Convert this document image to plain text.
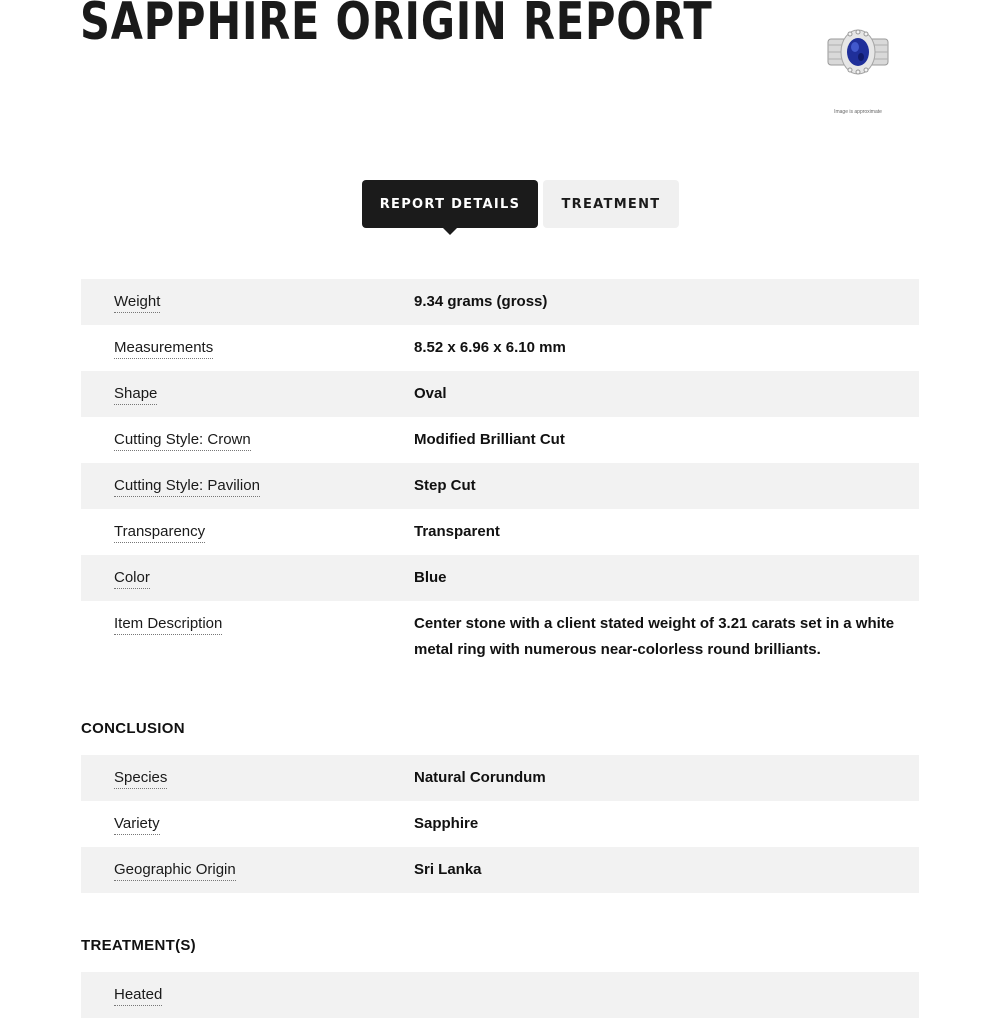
SAPPHIRE ORIGIN REPORT
Image is approximate
REPORT DETAILS	TREATMENT
Weight	9.34 grams (gross)
Measurements	8.52 x 6.96 x 6.10 mm
Shape	Oval
Cutting Style: Crown	Modified Brilliant Cut
Cutting Style: Pavilion	Step Cut
Transparency	Transparent
Color	Blue
Item Description	Center stone with a client stated weight of 3.21 carats set in a white metal ring with numerous near-colorless round brilliants.
CONCLUSION
Species	Natural Corundum
Variety	Sapphire
Geographic Origin	Sri Lanka
TREATMENT(S)
Heated
